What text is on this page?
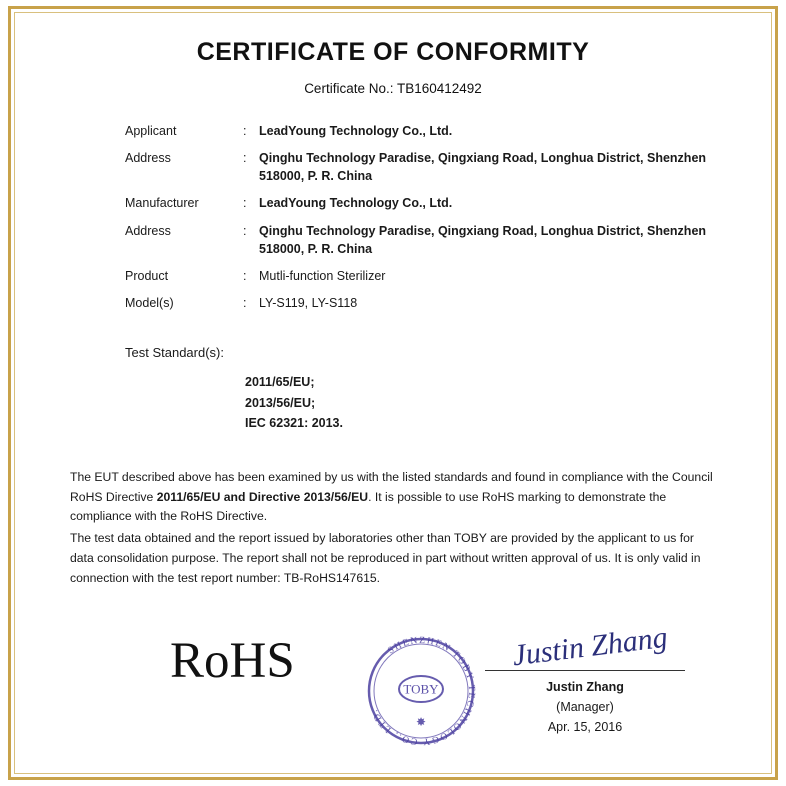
CERTIFICATE OF CONFORMITY
Certificate No.: TB160412492
Applicant	:	LeadYoung Technology Co., Ltd.
Address	:	Qinghu Technology Paradise, Qingxiang Road, Longhua District, Shenzhen 518000, P. R. China
Manufacturer	:	LeadYoung Technology Co., Ltd.
Address	:	Qinghu Technology Paradise, Qingxiang Road, Longhua District, Shenzhen 518000, P. R. China
Product	:	Mutli-function Sterilizer
Model(s)	:	LY-S119, LY-S118
Test Standard(s):
2011/65/EU;
2013/56/EU;
IEC 62321: 2013.

The EUT described above has been examined by us with the listed standards and found in compliance with the Council RoHS Directive 2011/65/EU and Directive 2013/56/EU. It is possible to use RoHS marking to demonstrate the compliance with the RoHS Directive.

The test data obtained and the report issued by laboratories other than TOBY are provided by the applicant to us for data consolidation purpose. The report shall not be reproduced in part without written approval of us. It is only valid in connection with the test report number: TB-RoHS147615.

RoHS	SHENZHEN TOBY TECHNOLOGY CO., LTD.
TOBY
✸
Justin Zhang
Justin Zhang
(Manager)
Apr. 15, 2016
